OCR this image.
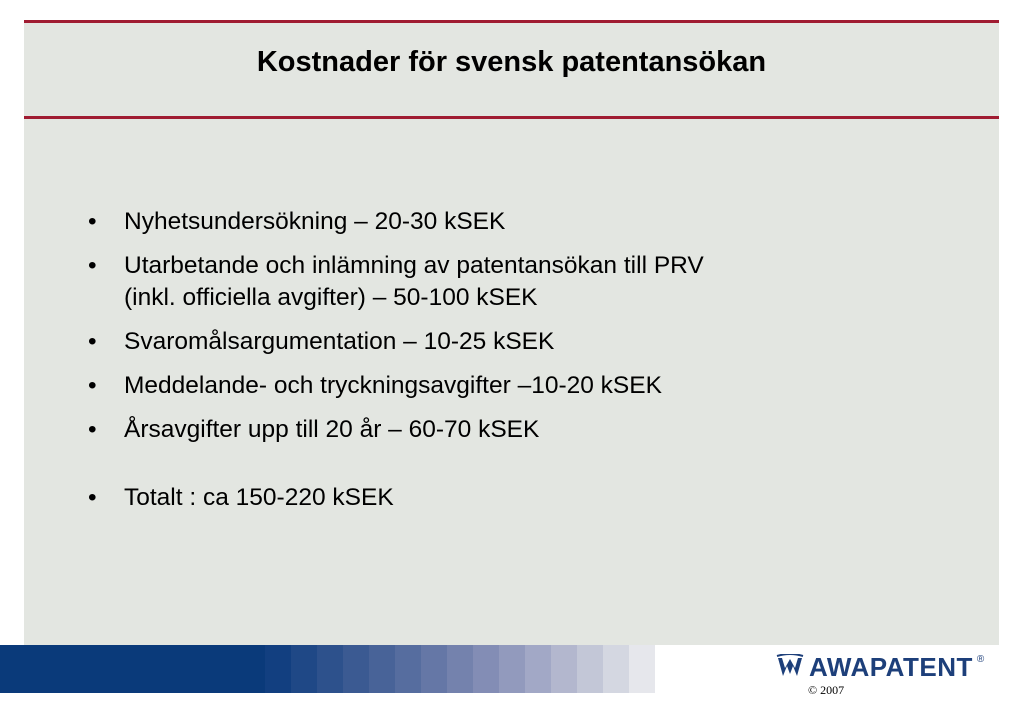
Kostnader för svensk patentansökan
• Nyhetsundersökning – 20-30 kSEK
• Utarbetande och inlämning av patentansökan till PRV
(inkl. officiella avgifter) – 50-100 kSEK
• Svaromålsargumentation – 10-25 kSEK
• Meddelande- och tryckningsavgifter –10-20 kSEK
• Årsavgifter upp till 20 år – 60-70 kSEK
• Totalt : ca 150-220 kSEK
AWAPATENT ®
© 2007
